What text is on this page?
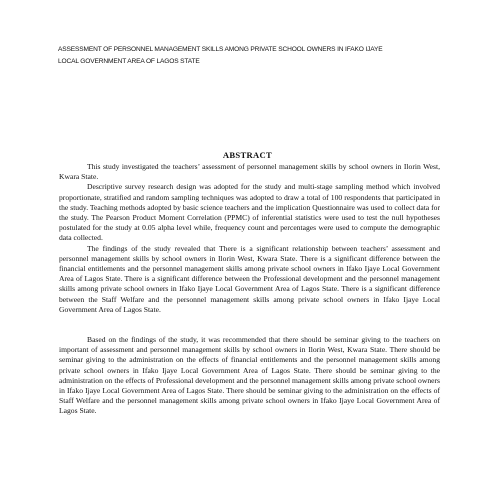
ASSESSMENT OF PERSONNEL MANAGEMENT SKILLS AMONG PRIVATE SCHOOL OWNERS IN IFAKO IJAYE
LOCAL GOVERNMENT AREA OF LAGOS STATE
ABSTRACT

This study investigated the teachers’ assessment of personnel management skills by school owners in Ilorin West, Kwara State.

Descriptive survey research design was adopted for the study and multi-stage sampling method which involved proportionate, stratified and random sampling techniques was adopted to draw a total of 100 respondents that participated in the study. Teaching methods adopted by basic science teachers and the implication Questionnaire was used to collect data for the study. The Pearson Product Moment Correlation (PPMC) of inferential statistics were used to test the null hypotheses postulated for the study at 0.05 alpha level while, frequency count and percentages were used to compute the demographic data collected.

The findings of the study revealed that There is a significant relationship between teachers’ assessment and personnel management skills by school owners in Ilorin West, Kwara State. There is a significant difference between the financial entitlements and the personnel management skills among private school owners in Ifako Ijaye Local Government Area of Lagos State. There is a significant difference between the Professional development and the personnel management skills among private school owners in Ifako Ijaye Local Government Area of Lagos State. There is a significant difference between the Staff Welfare and the personnel management skills among private school owners in Ifako Ijaye Local Government Area of Lagos State.

Based on the findings of the study, it was recommended that there should be seminar giving to the teachers on important of assessment and personnel management skills by school owners in Ilorin West, Kwara State. There should be seminar giving to the administration on the effects of financial entitlements and the personnel management skills among private school owners in Ifako Ijaye Local Government Area of Lagos State. There should be seminar giving to the administration on the effects of Professional development and the personnel management skills among private school owners in Ifako Ijaye Local Government Area of Lagos State. There should be seminar giving to the administration on the effects of Staff Welfare and the personnel management skills among private school owners in Ifako Ijaye Local Government Area of Lagos State.
